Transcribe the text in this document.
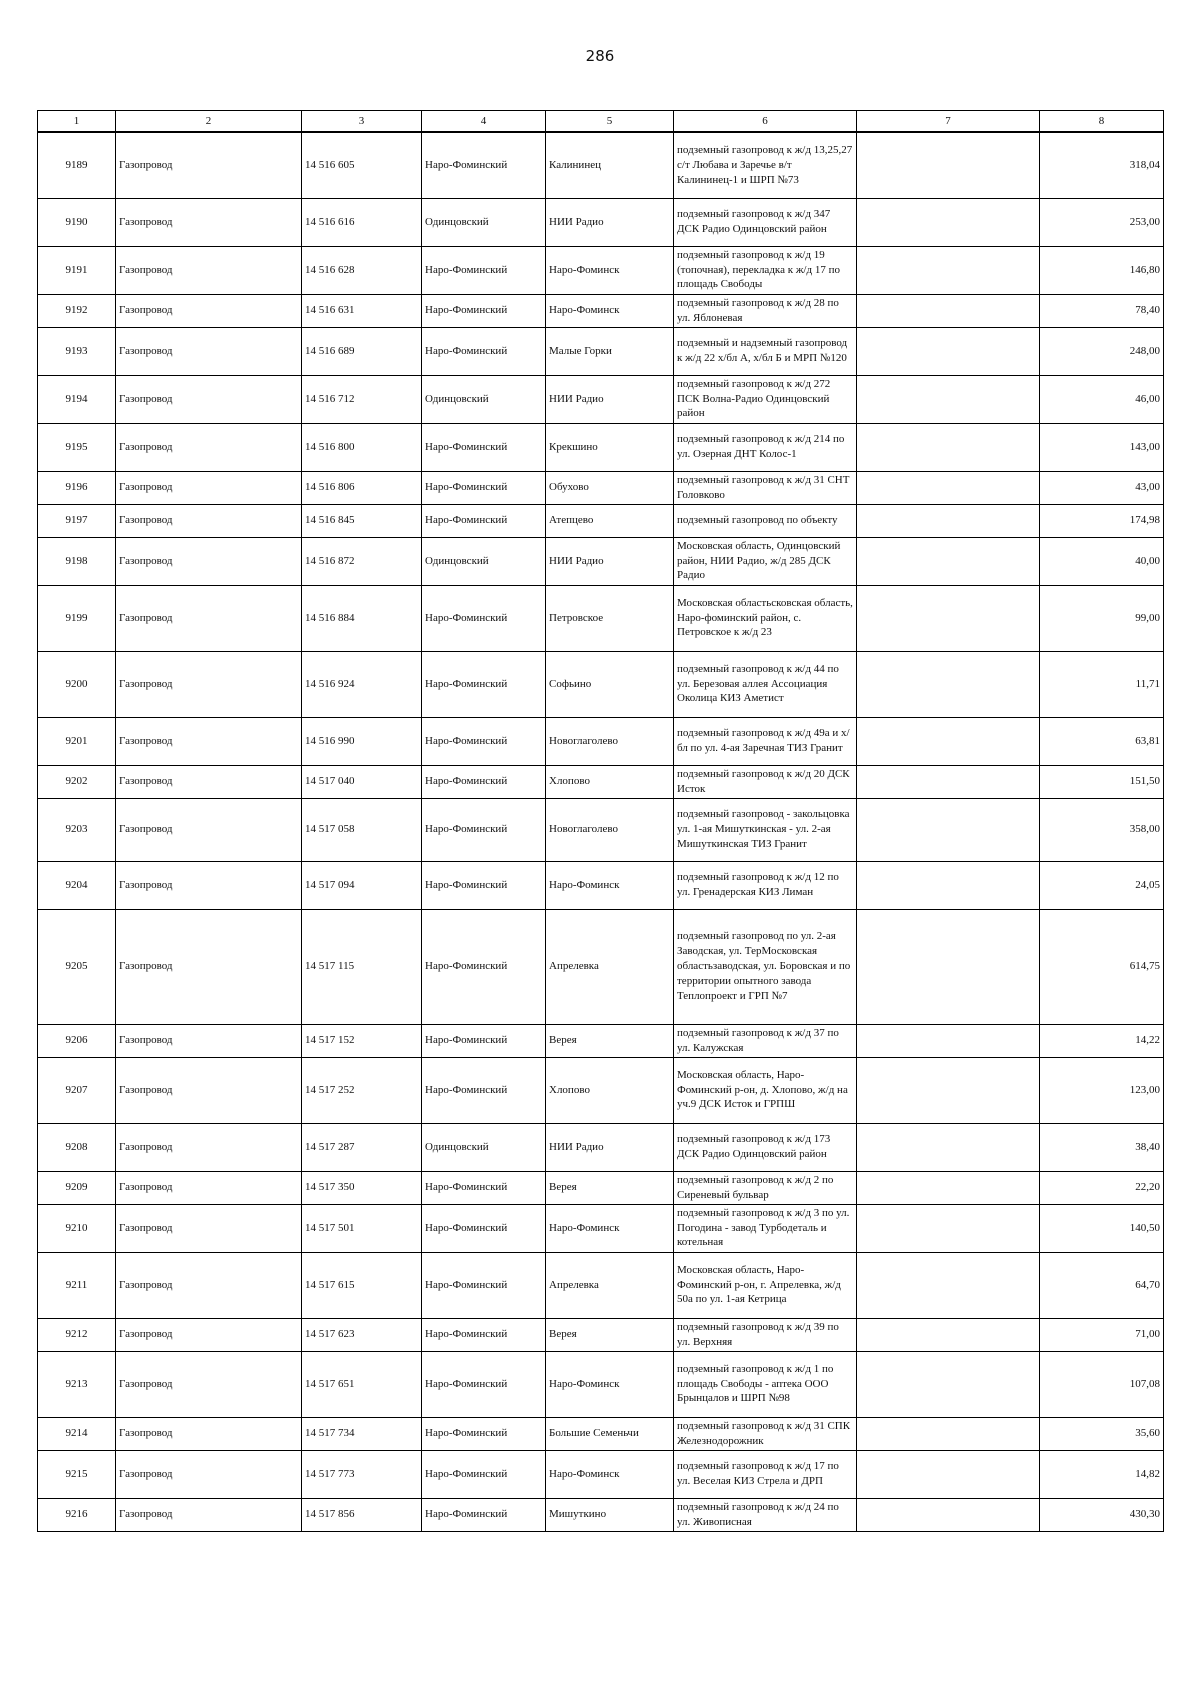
286
1	2	3	4	5	6	7	8
9189	Газопровод	14 516 605	Наро-Фоминский	Калининец	подземный газопровод к ж/д 13,25,27 с/т Любава и Заречье в/т Калининец-1 и ШРП №73		318,04
9190	Газопровод	14 516 616	Одинцовский	НИИ Радио	подземный газопровод к ж/д 347 ДСК Радио Одинцовский район		253,00
9191	Газопровод	14 516 628	Наро-Фоминский	Наро-Фоминск	подземный газопровод к ж/д 19 (топочная), перекладка к ж/д 17 по площадь Свободы		146,80
9192	Газопровод	14 516 631	Наро-Фоминский	Наро-Фоминск	подземный газопровод к ж/д 28 по ул. Яблоневая		78,40
9193	Газопровод	14 516 689	Наро-Фоминский	Малые Горки	подземный и надземный газопровод к ж/д 22 х/бл А, х/бл Б и МРП №120		248,00
9194	Газопровод	14 516 712	Одинцовский	НИИ Радио	подземный газопровод к ж/д 272 ПСК Волна-Радио Одинцовский район		46,00
9195	Газопровод	14 516 800	Наро-Фоминский	Крекшино	подземный газопровод к ж/д 214 по ул. Озерная ДНТ Колос-1		143,00
9196	Газопровод	14 516 806	Наро-Фоминский	Обухово	подземный газопровод к ж/д 31 СНТ Головково		43,00
9197	Газопровод	14 516 845	Наро-Фоминский	Атепцево	подземный газопровод по объекту		174,98
9198	Газопровод	14 516 872	Одинцовский	НИИ Радио	Московская область, Одинцовский район, НИИ Радио, ж/д 285 ДСК Радио		40,00
9199	Газопровод	14 516 884	Наро-Фоминский	Петровское	Московская областьсковская область, Наро-фоминский район, с. Петровское к ж/д 23		99,00
9200	Газопровод	14 516 924	Наро-Фоминский	Софьино	подземный газопровод к ж/д 44 по ул. Березовая аллея Ассоциация Околица КИЗ Аметист		11,71
9201	Газопровод	14 516 990	Наро-Фоминский	Новоглаголево	подземный газопровод к ж/д 49а и х/бл по ул. 4-ая Заречная ТИЗ Гранит		63,81
9202	Газопровод	14 517 040	Наро-Фоминский	Хлопово	подземный газопровод к ж/д 20 ДСК Исток		151,50
9203	Газопровод	14 517 058	Наро-Фоминский	Новоглаголево	подземный газопровод - закольцовка ул. 1-ая Мишуткинская - ул. 2-ая Мишуткинская ТИЗ Гранит		358,00
9204	Газопровод	14 517 094	Наро-Фоминский	Наро-Фоминск	подземный газопровод к ж/д 12 по ул. Гренадерская КИЗ Лиман		24,05
9205	Газопровод	14 517 115	Наро-Фоминский	Апрелевка	подземный газопровод по ул. 2-ая Заводская, ул. ТерМосковская областьзаводская, ул. Боровская и по территории опытного завода Теплопроект и ГРП №7		614,75
9206	Газопровод	14 517 152	Наро-Фоминский	Верея	подземный газопровод к ж/д 37 по ул. Калужская		14,22
9207	Газопровод	14 517 252	Наро-Фоминский	Хлопово	Московская область, Наро-Фоминский р-он, д. Хлопово, ж/д на уч.9 ДСК Исток и ГРПШ		123,00
9208	Газопровод	14 517 287	Одинцовский	НИИ Радио	подземный газопровод к ж/д 173 ДСК Радио Одинцовский район		38,40
9209	Газопровод	14 517 350	Наро-Фоминский	Верея	подземный газопровод к ж/д 2 по Сиреневый бульвар		22,20
9210	Газопровод	14 517 501	Наро-Фоминский	Наро-Фоминск	подземный газопровод к ж/д 3 по ул. Погодина - завод Турбодеталь и котельная		140,50
9211	Газопровод	14 517 615	Наро-Фоминский	Апрелевка	Московская область, Наро-Фоминский р-он, г. Апрелевка, ж/д 50а по ул. 1-ая Кетрица		64,70
9212	Газопровод	14 517 623	Наро-Фоминский	Верея	подземный газопровод к ж/д 39 по ул. Верхняя		71,00
9213	Газопровод	14 517 651	Наро-Фоминский	Наро-Фоминск	подземный газопровод к ж/д 1 по площадь Свободы - аптека ООО Брынцалов и ШРП №98		107,08
9214	Газопровод	14 517 734	Наро-Фоминский	Большие Семеньчи	подземный газопровод к ж/д 31 СПК Железнодорожник		35,60
9215	Газопровод	14 517 773	Наро-Фоминский	Наро-Фоминск	подземный газопровод к ж/д 17 по ул. Веселая КИЗ Стрела и ДРП		14,82
9216	Газопровод	14 517 856	Наро-Фоминский	Мишуткино	подземный газопровод к ж/д 24 по ул. Живописная		430,30
